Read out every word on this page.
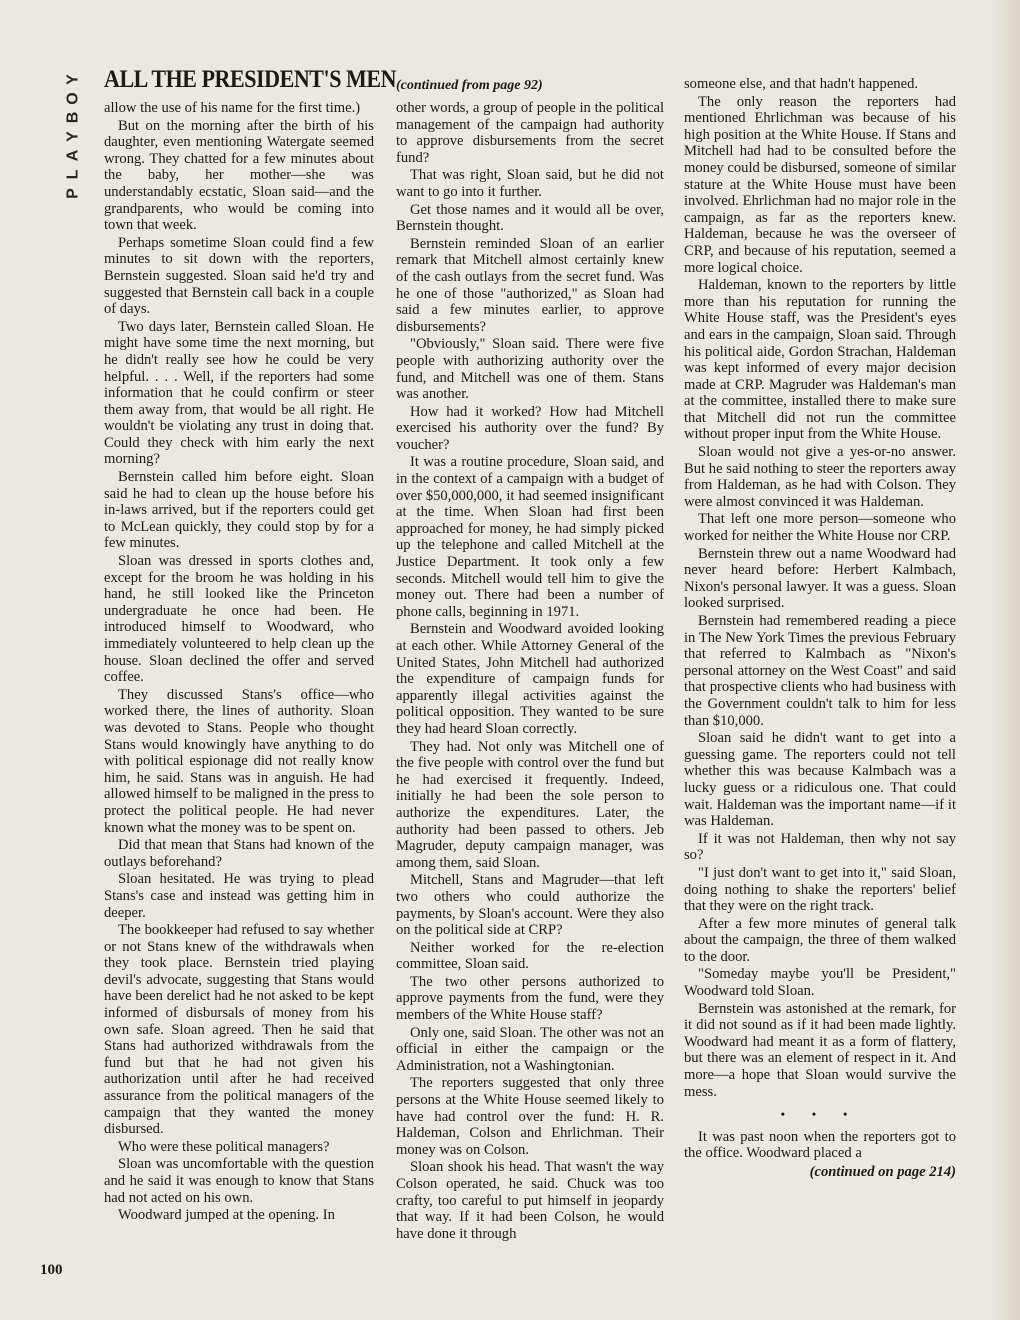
Y
O
B
Y
A
L
P
ALL THE PRESIDENT'S MEN (continued from page 92)

allow the use of his name for the first time.)

But on the morning after the birth of his daughter, even mentioning Watergate seemed wrong. They chatted for a few minutes about the baby, her mother—she was understandably ecstatic, Sloan said—and the grandparents, who would be coming into town that week.

Perhaps sometime Sloan could find a few minutes to sit down with the reporters, Bernstein suggested. Sloan said he'd try and suggested that Bernstein call back in a couple of days.

Two days later, Bernstein called Sloan. He might have some time the next morning, but he didn't really see how he could be very helpful. . . . Well, if the reporters had some information that he could confirm or steer them away from, that would be all right. He wouldn't be violating any trust in doing that. Could they check with him early the next morning?

Bernstein called him before eight. Sloan said he had to clean up the house before his in-laws arrived, but if the reporters could get to McLean quickly, they could stop by for a few minutes.

Sloan was dressed in sports clothes and, except for the broom he was holding in his hand, he still looked like the Princeton undergraduate he once had been. He introduced himself to Woodward, who immediately volunteered to help clean up the house. Sloan declined the offer and served coffee.

They discussed Stans's office—who worked there, the lines of authority. Sloan was devoted to Stans. People who thought Stans would knowingly have anything to do with political espionage did not really know him, he said. Stans was in anguish. He had allowed himself to be maligned in the press to protect the political people. He had never known what the money was to be spent on.

Did that mean that Stans had known of the outlays beforehand?

Sloan hesitated. He was trying to plead Stans's case and instead was getting him in deeper.

The bookkeeper had refused to say whether or not Stans knew of the withdrawals when they took place. Bernstein tried playing devil's advocate, suggesting that Stans would have been derelict had he not asked to be kept informed of disbursals of money from his own safe. Sloan agreed. Then he said that Stans had authorized withdrawals from the fund but that he had not given his authorization until after he had received assurance from the political managers of the campaign that they wanted the money disbursed.

Who were these political managers?

Sloan was uncomfortable with the question and he said it was enough to know that Stans had not acted on his own.

Woodward jumped at the opening. In

other words, a group of people in the political management of the campaign had authority to approve disbursements from the secret fund?

That was right, Sloan said, but he did not want to go into it further.

Get those names and it would all be over, Bernstein thought.

Bernstein reminded Sloan of an earlier remark that Mitchell almost certainly knew of the cash outlays from the secret fund. Was he one of those "authorized," as Sloan had said a few minutes earlier, to approve disbursements?

"Obviously," Sloan said. There were five people with authorizing authority over the fund, and Mitchell was one of them. Stans was another.

How had it worked? How had Mitchell exercised his authority over the fund? By voucher?

It was a routine procedure, Sloan said, and in the context of a campaign with a budget of over $50,000,000, it had seemed insignificant at the time. When Sloan had first been approached for money, he had simply picked up the telephone and called Mitchell at the Justice Department. It took only a few seconds. Mitchell would tell him to give the money out. There had been a number of phone calls, beginning in 1971.

Bernstein and Woodward avoided looking at each other. While Attorney General of the United States, John Mitchell had authorized the expenditure of campaign funds for apparently illegal activities against the political opposition. They wanted to be sure they had heard Sloan correctly.

They had. Not only was Mitchell one of the five people with control over the fund but he had exercised it frequently. Indeed, initially he had been the sole person to authorize the expenditures. Later, the authority had been passed to others. Jeb Magruder, deputy campaign manager, was among them, said Sloan.

Mitchell, Stans and Magruder—that left two others who could authorize the payments, by Sloan's account. Were they also on the political side at CRP?

Neither worked for the re-election committee, Sloan said.

The two other persons authorized to approve payments from the fund, were they members of the White House staff?

Only one, said Sloan. The other was not an official in either the campaign or the Administration, not a Washingtonian.

The reporters suggested that only three persons at the White House seemed likely to have had control over the fund: H. R. Haldeman, Colson and Ehrlichman. Their money was on Colson.

Sloan shook his head. That wasn't the way Colson operated, he said. Chuck was too crafty, too careful to put himself in jeopardy that way. If it had been Colson, he would have done it through

someone else, and that hadn't happened.

The only reason the reporters had mentioned Ehrlichman was because of his high position at the White House. If Stans and Mitchell had had to be consulted before the money could be disbursed, someone of similar stature at the White House must have been involved. Ehrlichman had no major role in the campaign, as far as the reporters knew. Haldeman, because he was the overseer of CRP, and because of his reputation, seemed a more logical choice.

Haldeman, known to the reporters by little more than his reputation for running the White House staff, was the President's eyes and ears in the campaign, Sloan said. Through his political aide, Gordon Strachan, Haldeman was kept informed of every major decision made at CRP. Magruder was Haldeman's man at the committee, installed there to make sure that Mitchell did not run the committee without proper input from the White House.

Sloan would not give a yes-or-no answer. But he said nothing to steer the reporters away from Haldeman, as he had with Colson. They were almost convinced it was Haldeman.

That left one more person—someone who worked for neither the White House nor CRP.

Bernstein threw out a name Woodward had never heard before: Herbert Kalmbach, Nixon's personal lawyer. It was a guess. Sloan looked surprised.

Bernstein had remembered reading a piece in The New York Times the previous February that referred to Kalmbach as "Nixon's personal attorney on the West Coast" and said that prospective clients who had business with the Government couldn't talk to him for less than $10,000.

Sloan said he didn't want to get into a guessing game. The reporters could not tell whether this was because Kalmbach was a lucky guess or a ridiculous one. That could wait. Haldeman was the important name—if it was Haldeman.

If it was not Haldeman, then why not say so?

"I just don't want to get into it," said Sloan, doing nothing to shake the reporters' belief that they were on the right track.

After a few more minutes of general talk about the campaign, the three of them walked to the door.

"Someday maybe you'll be President," Woodward told Sloan.

Bernstein was astonished at the remark, for it did not sound as if it had been made lightly. Woodward had meant it as a form of flattery, but there was an element of respect in it. And more—a hope that Sloan would survive the mess.

• • •

It was past noon when the reporters got to the office. Woodward placed a

(continued on page 214)
100
